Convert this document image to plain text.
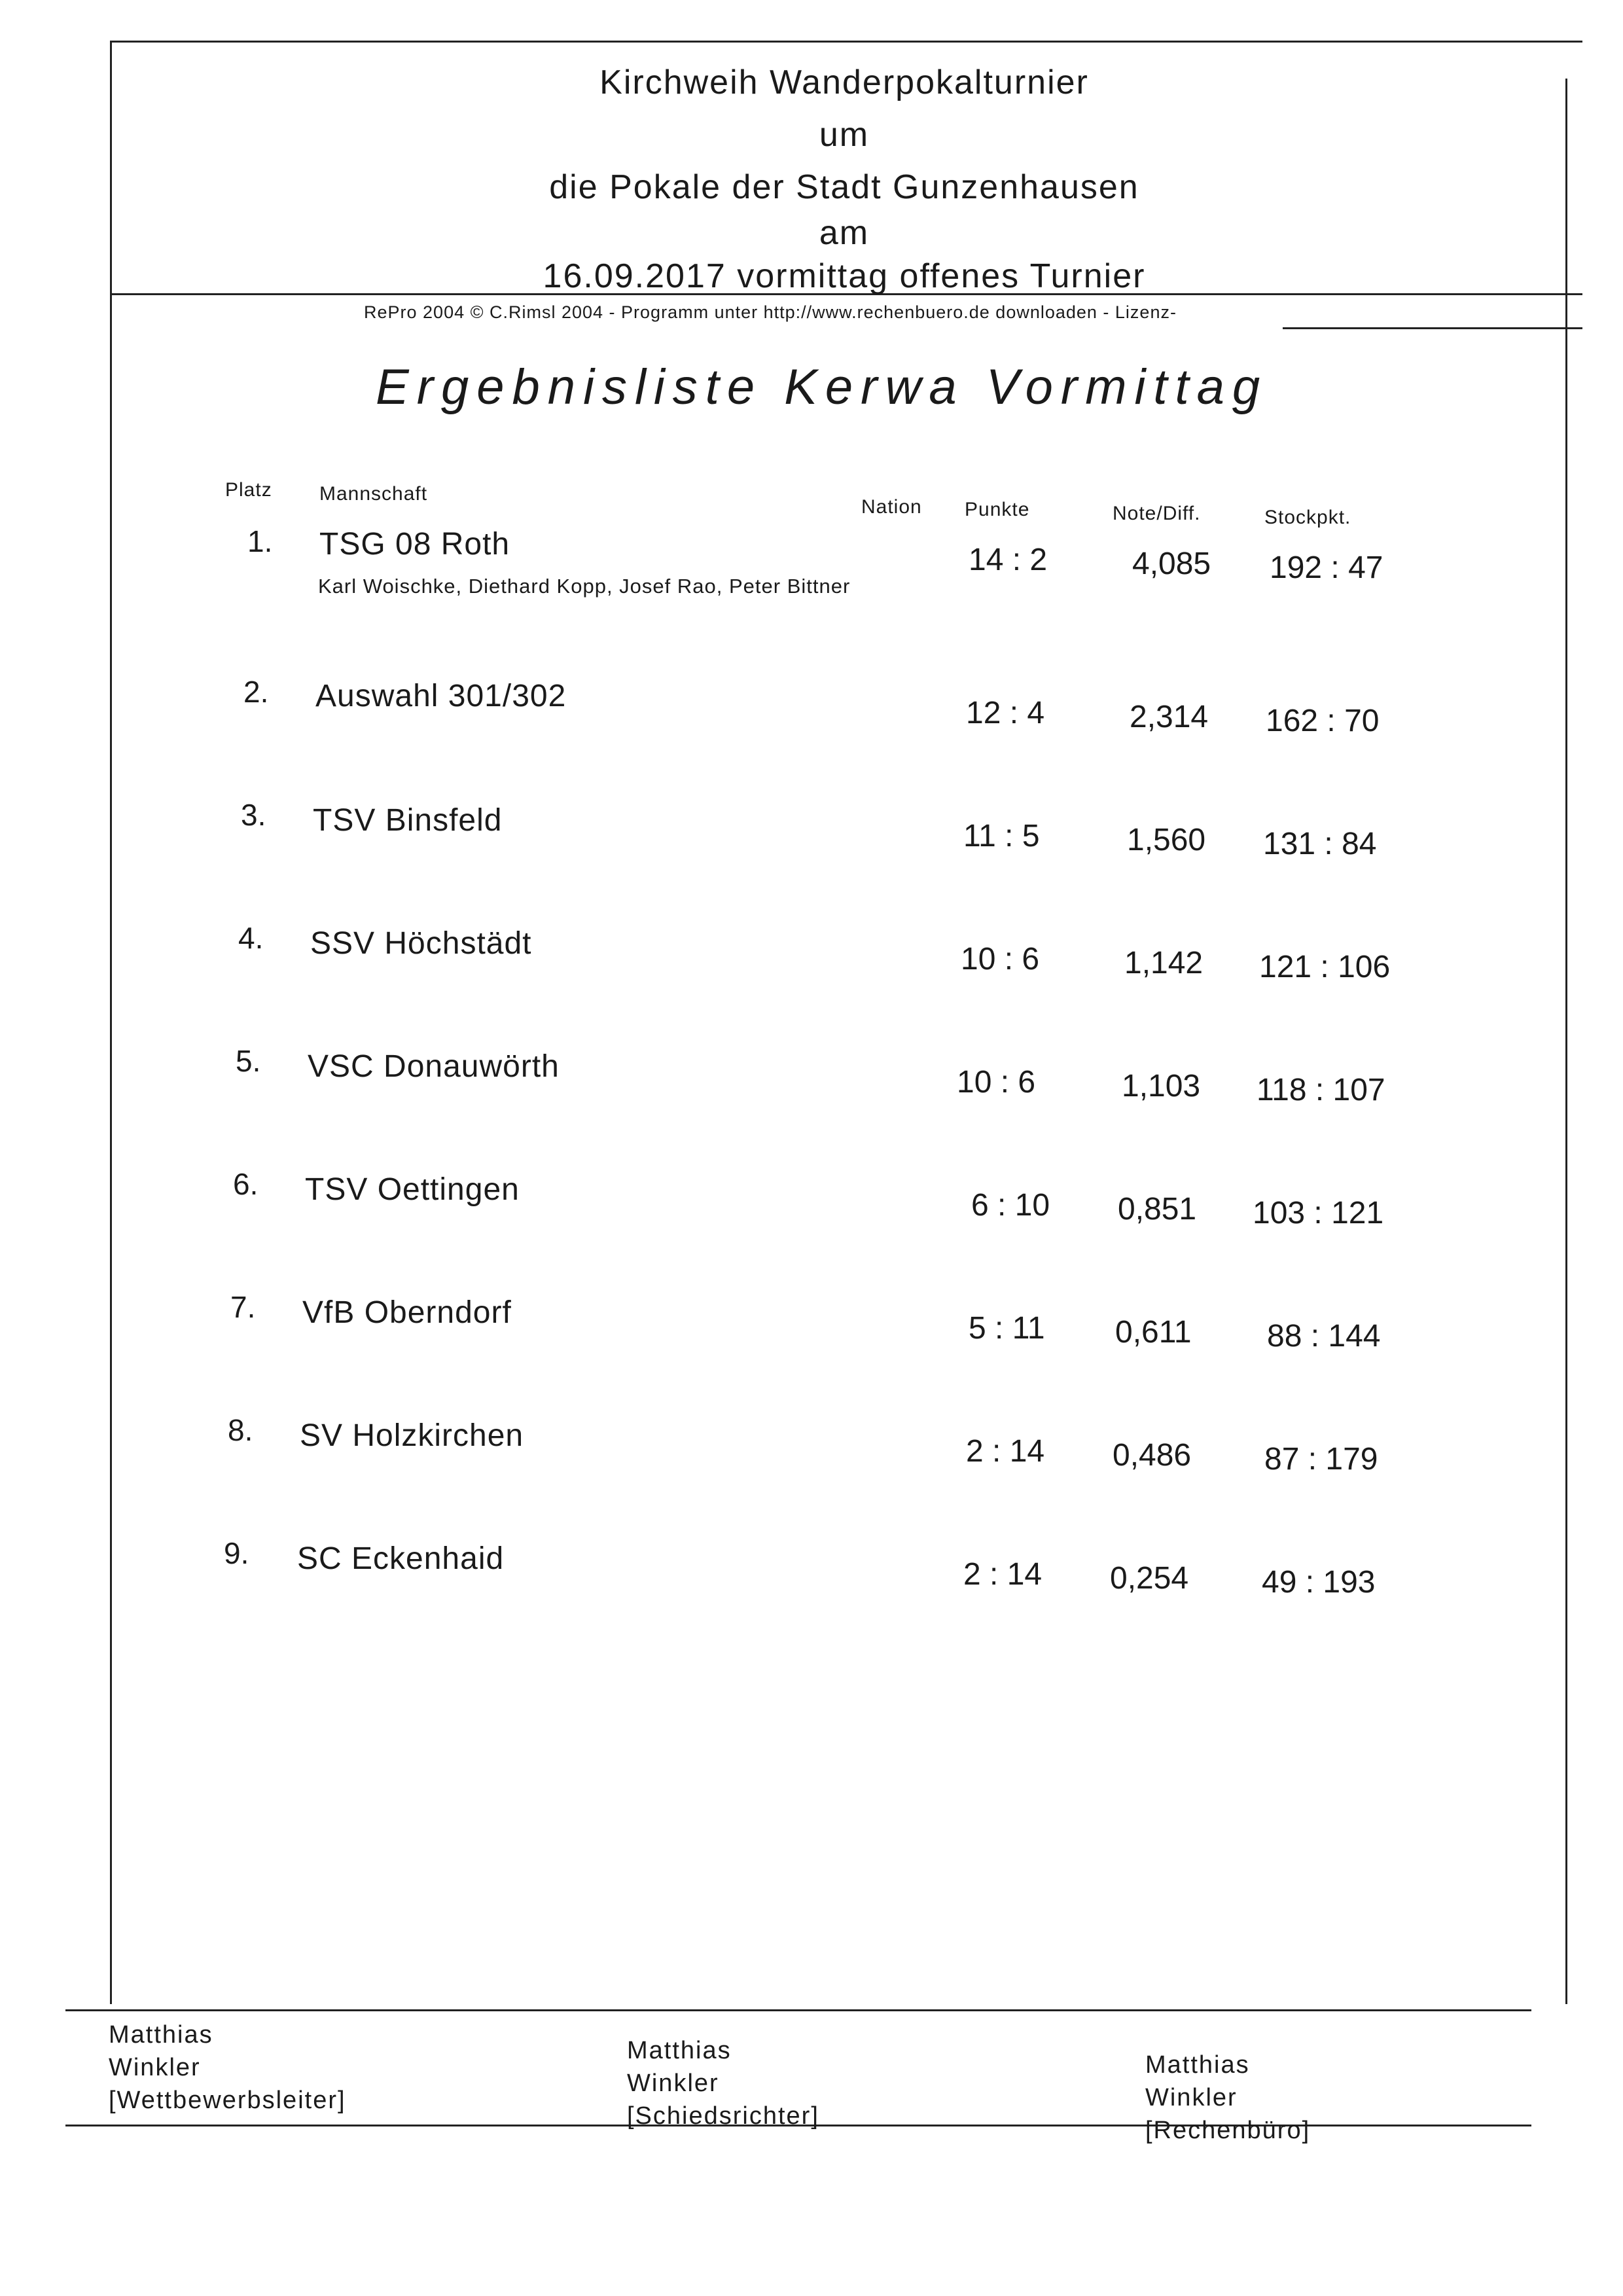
Kirchweih Wanderpokalturnier
um
die Pokale der Stadt Gunzenhausen
am
16.09.2017 vormittag offenes Turnier
RePro 2004 © C.Rimsl 2004 - Programm unter http://www.rechenbuero.de downloaden - Lizenz-
Ergebnisliste Kerwa Vormittag
Platz Mannschaft
Nation Punkte	Note/Diff.	Stockpkt.
1. TSG 08 Roth
Karl Woischke, Diethard Kopp, Josef Rao, Peter Bittner
14 : 2	4,085 192 : 47
2. Auswahl 301/302	12 : 4	2,314 162 : 70
3. TSV Binsfeld	11 : 5	1,560 131 : 84
4. SSV Höchstädt	10 : 6	1,142 121 : 106
5. VSC Donauwörth	10 : 6	1,103 118 : 107
6. TSV Oettingen	6 : 10 0,851 103 : 121
7. VfB Oberndorf	5 : 11 0,611 88 : 144
8. SV Holzkirchen	2 : 14 0,486 87 : 179
9. SC Eckenhaid	2 : 14 0,254 49 : 193
Matthias
Winkler
[Wettbewerbsleiter]
Matthias
Winkler
[Schiedsrichter]
Matthias
Winkler
[Rechenbüro]
